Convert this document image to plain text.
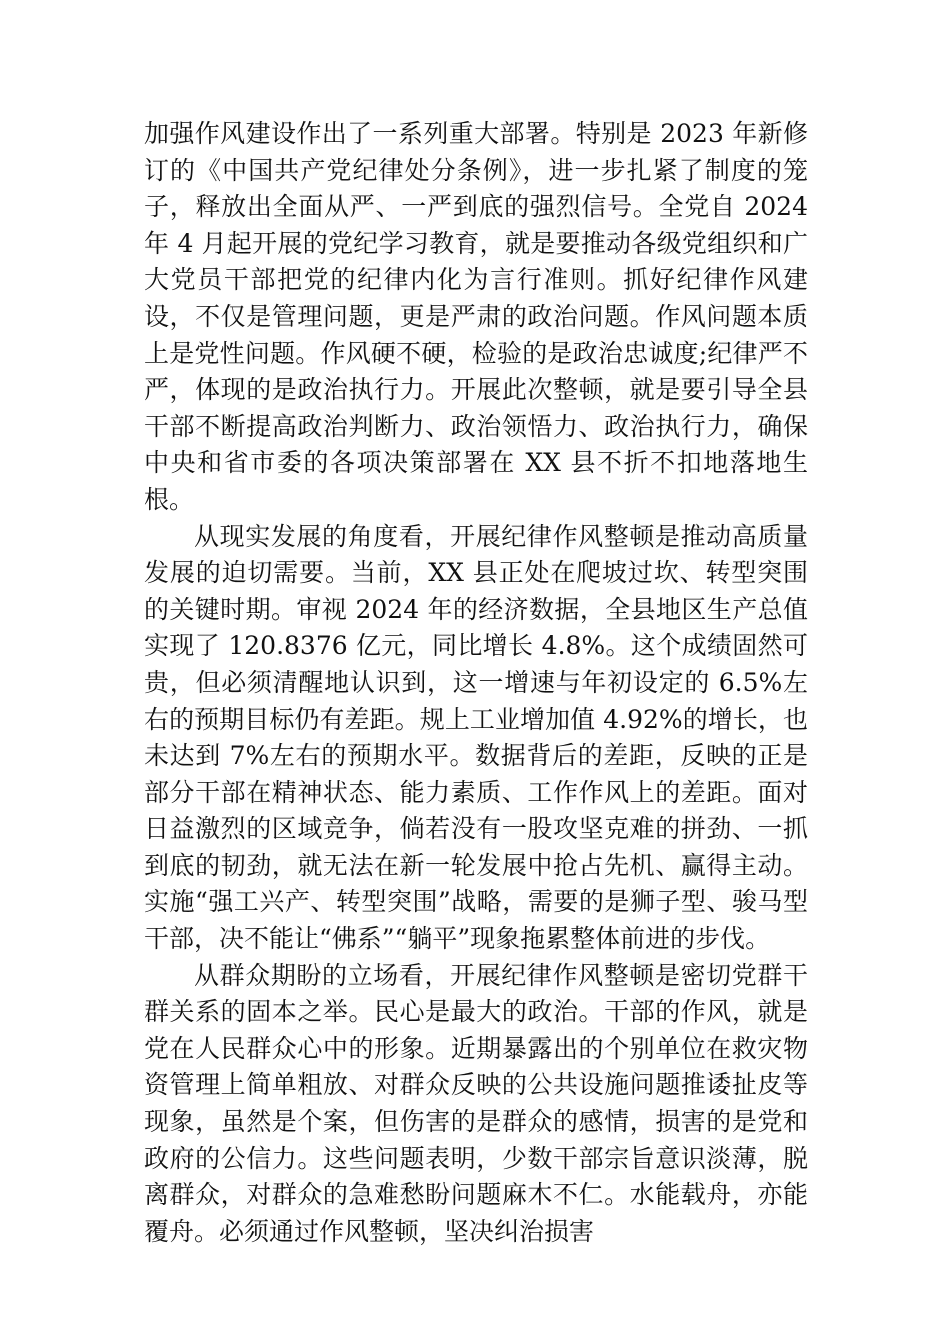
加强作风建设作出了一系列重大部署。特别是 2023 年新修订的《中国共产党纪律处分条例》，进一步扎紧了制度的笼子，释放出全面从严、一严到底的强烈信号。全党自 2024 年 4 月起开展的党纪学习教育，就是要推动各级党组织和广大党员干部把党的纪律内化为言行准则。抓好纪律作风建设，不仅是管理问题，更是严肃的政治问题。作风问题本质上是党性问题。作风硬不硬，检验的是政治忠诚度;纪律严不严，体现的是政治执行力。开展此次整顿，就是要引导全县干部不断提高政治判断力、政治领悟力、政治执行力，确保中央和省市委的各项决策部署在 XX 县不折不扣地落地生根。

从现实发展的角度看，开展纪律作风整顿是推动高质量发展的迫切需要。当前，XX 县正处在爬坡过坎、转型突围的关键时期。审视 2024 年的经济数据，全县地区生产总值实现了 120.8376 亿元，同比增长 4.8%。这个成绩固然可贵，但必须清醒地认识到，这一增速与年初设定的 6.5%左右的预期目标仍有差距。规上工业增加值 4.92%的增长，也未达到 7%左右的预期水平。数据背后的差距，反映的正是部分干部在精神状态、能力素质、工作作风上的差距。面对日益激烈的区域竞争，倘若没有一股攻坚克难的拼劲、一抓到底的韧劲，就无法在新一轮发展中抢占先机、赢得主动。实施“强工兴产、转型突围”战略，需要的是狮子型、骏马型干部，决不能让“佛系”“躺平”现象拖累整体前进的步伐。

从群众期盼的立场看，开展纪律作风整顿是密切党群干群关系的固本之举。民心是最大的政治。干部的作风，就是党在人民群众心中的形象。近期暴露出的个别单位在救灾物资管理上简单粗放、对群众反映的公共设施问题推诿扯皮等现象，虽然是个案，但伤害的是群众的感情，损害的是党和政府的公信力。这些问题表明，少数干部宗旨意识淡薄，脱离群众，对群众的急难愁盼问题麻木不仁。水能载舟，亦能覆舟。必须通过作风整顿，坚决纠治损害
